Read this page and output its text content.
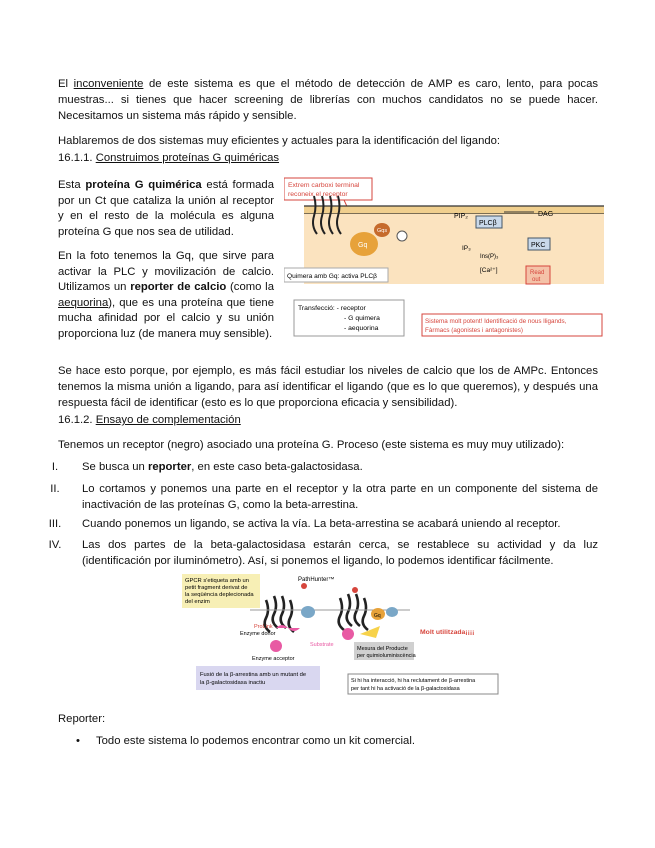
El inconveniente de este sistema es que el método de detección de AMP es caro, lento, para pocas muestras... si tienes que hacer screening de librerías con muchos candidatos no se puede hacer. Necesitamos un sistema más rápido y sensible.
Hablaremos de dos sistemas muy eficientes y actuales para la identificación del ligando:
16.1.1. Construimos proteínas G quiméricas
Esta proteína G quimérica está formada por un Ct que cataliza la unión al receptor y en el resto de la molécula es alguna proteína G que nos sea de utilidad.
En la foto tenemos la Gq, que sirve para activar la PLC y movilización de calcio. Utilizamos un reporter de calcio (como la aequorina), que es una proteína que tiene mucha afinidad por el calcio y su unión proporciona luz (de manera muy sensible).
Extrem carboxi terminal
reconeix el receptor
Gq
Gqs
PIP₂
PLCβ
DAG
PKC
IP₃
Ins(P)₃
[Ca²⁺]	Read
out
Quimera amb Gq: activa PLCβ
Transfecció: - receptor
- G quimera
- aequorina
Sistema molt potent! Identificació de nous lligands,
Fàrmacs (agonistes i antagonistes)
Se hace esto porque, por ejemplo, es más fácil estudiar los niveles de calcio que los de AMPc. Entonces tenemos la misma unión a ligando, para así identificar el ligando (que es lo que queremos), y después una respuesta fácil de identificar (esto es lo que proporciona eficacia y sensibilidad).
16.1.2. Ensayo de complementación
Tenemos un receptor (negro) asociado una proteína G. Proceso (este sistema es muy muy utilizado):
I.	Se busca un reporter, en este caso beta-galactosidasa.
II.	Lo cortamos y ponemos una parte en el receptor y la otra parte en un componente del sistema de inactivación de las proteínas G, como la beta-arrestina.
III.	Cuando ponemos un ligando, se activa la vía. La beta-arrestina se acabará uniendo al receptor.
IV.	Las dos partes de la beta-galactosidasa estarán cerca, se restablece su actividad y da luz (identificación por iluminómetro). Así, si ponemos el ligando, lo podemos identificar fácilmente.
GPCR s'etiqueta amb un
petit fragment derivat de
la seqüència deplecionada
del enzim
PathHunter™
Gq
ProLink
Enzyme donor
Enzyme acceptor
Substrate
Molt utilitzada¡¡¡¡
Mesura del Producte
per quimioluminiscència
Fusió de la β-arrestina amb un mutant de
la β-galactosidasa inactiu	Si hi ha interacció, hi ha reclutament de β-arrestina
per tant hi ha activació de la β-galactosidasa
Reporter:
• Todo este sistema lo podemos encontrar como un kit comercial.
